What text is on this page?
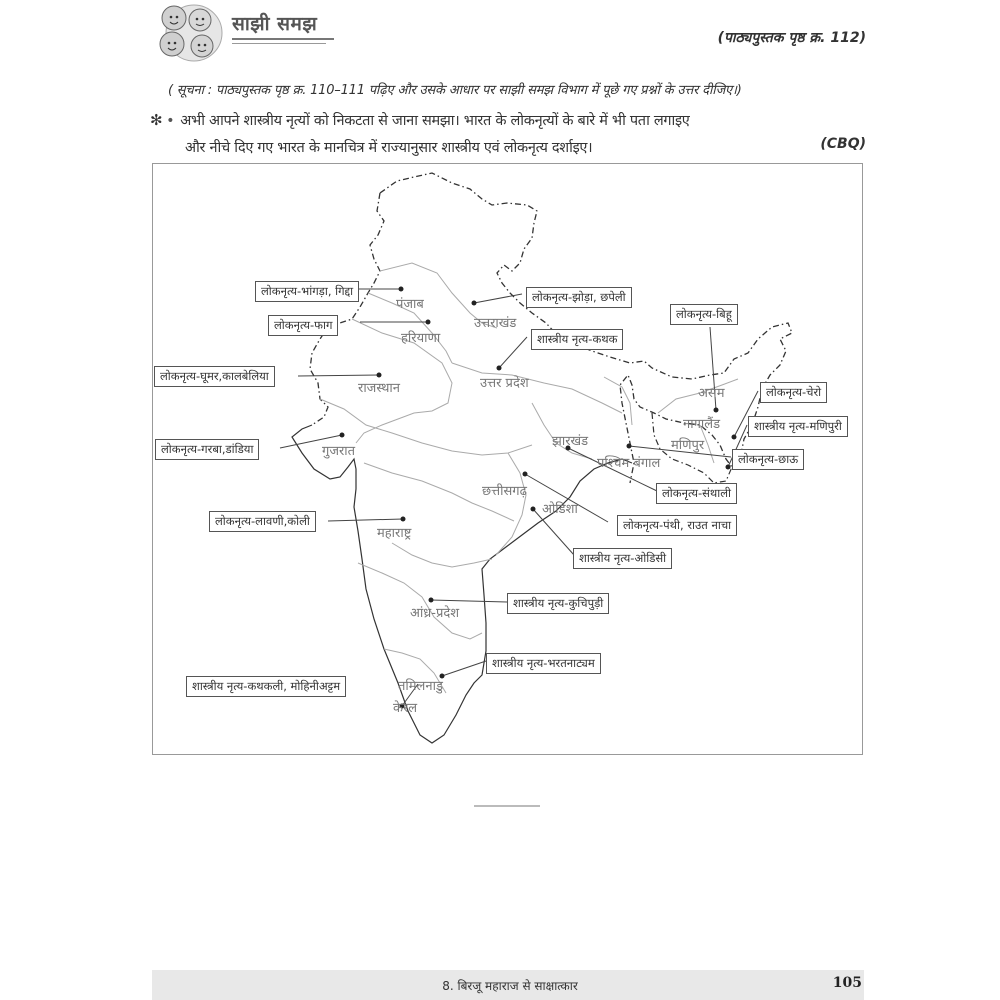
साझी समझ
(पाठ्यपुस्तक पृष्ठ क्र. 112)
( सूचना : पाठ्यपुस्तक पृष्ठ क्र. 110–111 पढ़िए और उसके आधार पर साझी समझ विभाग में पूछे गए प्रश्नों के उत्तर दीजिए।)
✻ • अभी आपने शास्त्रीय नृत्यों को निकटता से जाना समझा। भारत के लोकनृत्यों के बारे में भी पता लगाइए
और नीचे दिए गए भारत के मानचित्र में राज्यानुसार शास्त्रीय एवं लोकनृत्य दर्शाइए।	(CBQ)
पंजाब
हरियाणा
उत्तराखंड
उत्तर प्रदेश
राजस्थान
गुजरात
महाराष्ट्र
छत्तीसगढ़
ओडिशा
झारखंड
पश्चिम बंगाल
असम
नागालैंड
मणिपुर
आंध्र-प्रदेश
तमिलनाडु
केरल
लोकनृत्य-भांगड़ा, गिद्दा
लोकनृत्य-फाग
लोकनृत्य-घूमर,कालबेलिया
लोकनृत्य-गरबा,डांडिया
लोकनृत्य-लावणी,कोली
शास्त्रीय नृत्य-कथकली, मोहिनीअट्टम
लोकनृत्य-झोड़ा, छपेली
शास्त्रीय नृत्य-कथक
लोकनृत्य-बिहू
लोकनृत्य-चेरो
शास्त्रीय नृत्य-मणिपुरी
लोकनृत्य-छाऊ
लोकनृत्य-संथाली
लोकनृत्य-पंथी, राउत नाचा
शास्त्रीय नृत्य-ओडिसी
शास्त्रीय नृत्य-कुचिपुड़ी
शास्त्रीय नृत्य-भरतनाट्यम
8. बिरजू महाराज से साक्षात्कार	105
